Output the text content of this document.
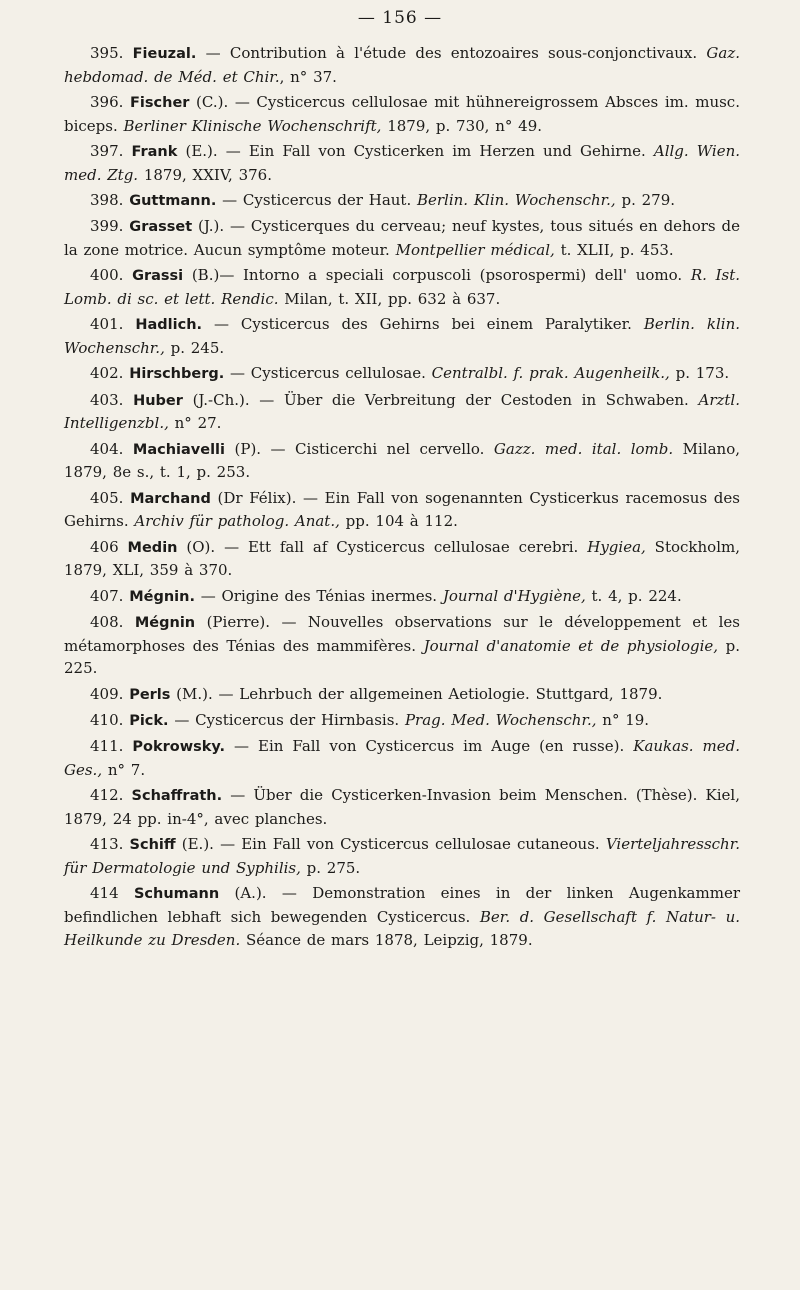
— 156 —

395. Fieuzal. — Contribution à l'étude des entozoaires sous-conjonctivaux. Gaz. hebdomad. de Méd. et Chir., n° 37.

396. Fischer (C.). — Cysticercus cellulosae mit hühnereigrossem Absces im. musc. biceps. Berliner Klinische Wochenschrift, 1879, p. 730, n° 49.

397. Frank (E.). — Ein Fall von Cysticerken im Herzen und Gehirne. Allg. Wien. med. Ztg. 1879, XXIV, 376.

398. Guttmann. — Cysticercus der Haut. Berlin. Klin. Wochenschr., p. 279.

399. Grasset (J.). — Cysticerques du cerveau; neuf kystes, tous situés en dehors de la zone motrice. Aucun symptôme moteur. Montpellier médical, t. XLII, p. 453.

400. Grassi (B.)— Intorno a speciali corpuscoli (psorospermi) dell' uomo. R. Ist. Lomb. di sc. et lett. Rendic. Milan, t. XII, pp. 632 à 637.

401. Hadlich. — Cysticercus des Gehirns bei einem Paralytiker. Berlin. klin. Wochenschr., p. 245.

402. Hirschberg. — Cysticercus cellulosae. Centralbl. f. prak. Augenheilk., p. 173.

403. Huber (J.-Ch.). — Über die Verbreitung der Cestoden in Schwaben. Arztl. Intelligenzbl., n° 27.

404. Machiavelli (P). — Cisticerchi nel cervello. Gazz. med. ital. lomb. Milano, 1879, 8e s., t. 1, p. 253.

405. Marchand (Dr Félix). — Ein Fall von sogenannten Cysticerkus racemosus des Gehirns. Archiv für patholog. Anat., pp. 104 à 112.

406 Medin (O). — Ett fall af Cysticercus cellulosae cerebri. Hygiea, Stockholm, 1879, XLI, 359 à 370.

407. Mégnin. — Origine des Ténias inermes. Journal d'Hygiène, t. 4, p. 224.

408. Mégnin (Pierre). — Nouvelles observations sur le développement et les métamorphoses des Ténias des mammifères. Journal d'anatomie et de physiologie, p. 225.

409. Perls (M.). — Lehrbuch der allgemeinen Aetiologie. Stuttgard, 1879.

410. Pick. — Cysticercus der Hirnbasis. Prag. Med. Wochenschr., n° 19.

411. Pokrowsky. — Ein Fall von Cysticercus im Auge (en russe). Kaukas. med. Ges., n° 7.

412. Schaffrath. — Über die Cysticerken-Invasion beim Menschen. (Thèse). Kiel, 1879, 24 pp. in-4°, avec planches.

413. Schiff (E.). — Ein Fall von Cysticercus cellulosae cutaneous. Vierteljahresschr. für Dermatologie und Syphilis, p. 275.

414 Schumann (A.). — Demonstration eines in der linken Augenkammer befindlichen lebhaft sich bewegenden Cysticercus. Ber. d. Gesellschaft f. Natur- u. Heilkunde zu Dresden. Séance de mars 1878, Leipzig, 1879.
